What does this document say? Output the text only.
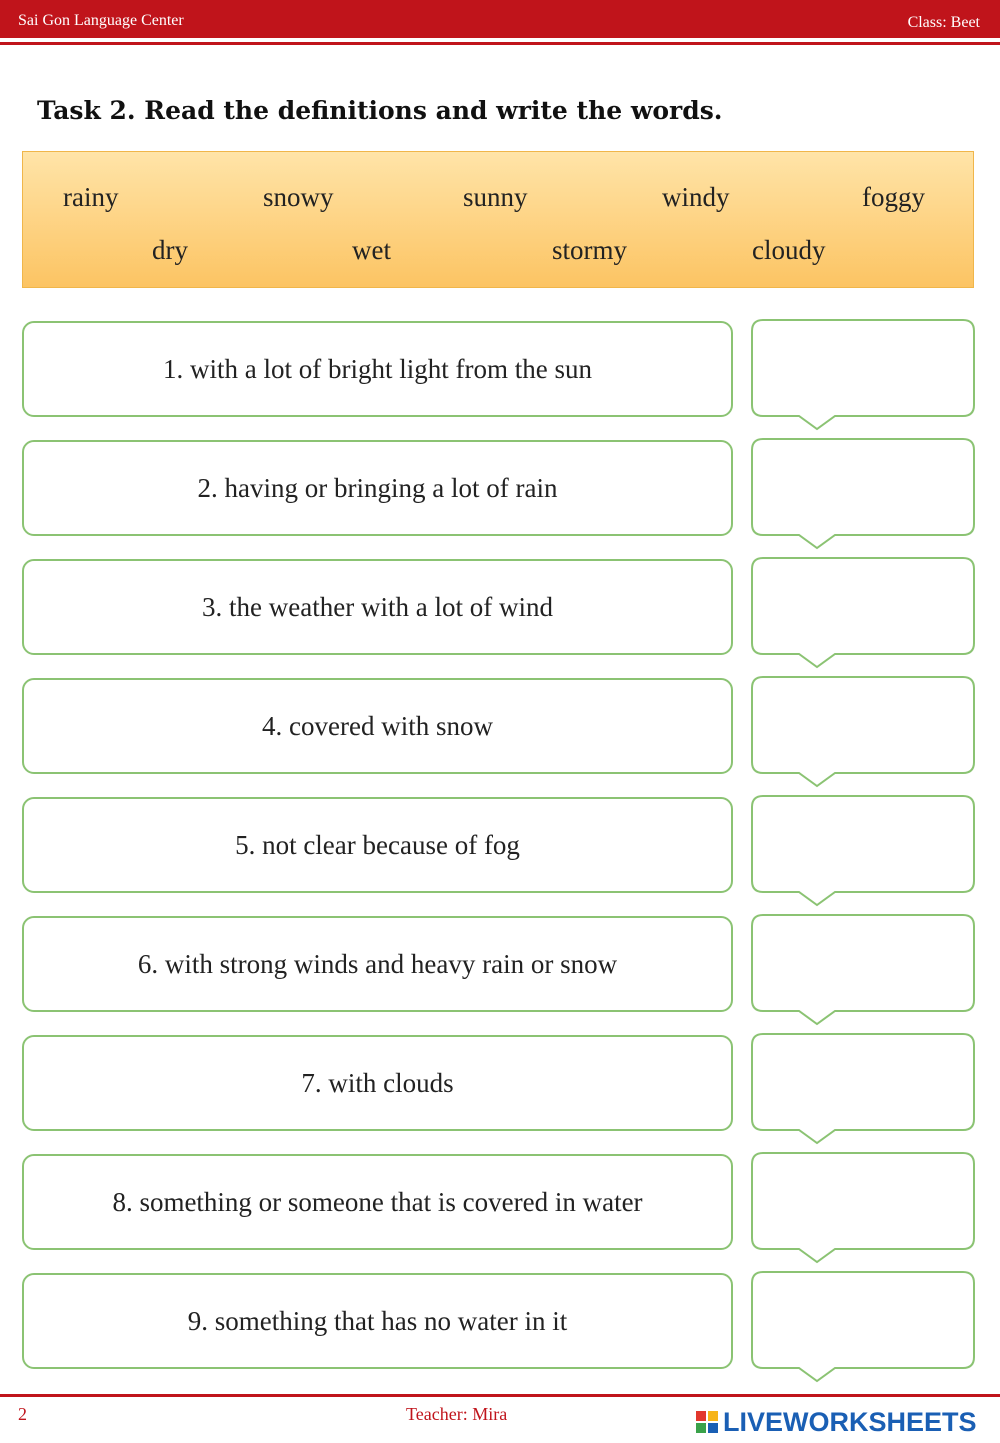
Sai Gon Language Center	Class: Beet
Task 2. Read the definitions and write the words.
rainy	snowy	sunny	windy	foggy
dry	wet	stormy	cloudy
1. with a lot of bright light from the sun
2. having or bringing a lot of rain
3. the weather with a lot of wind
4. covered with snow
5. not clear because of fog
6. with strong winds and heavy rain or snow
7. with clouds
8. something or someone that is covered in water
9. something that has no water in it
2	Teacher: Mira	LIVEWORKSHEETS
